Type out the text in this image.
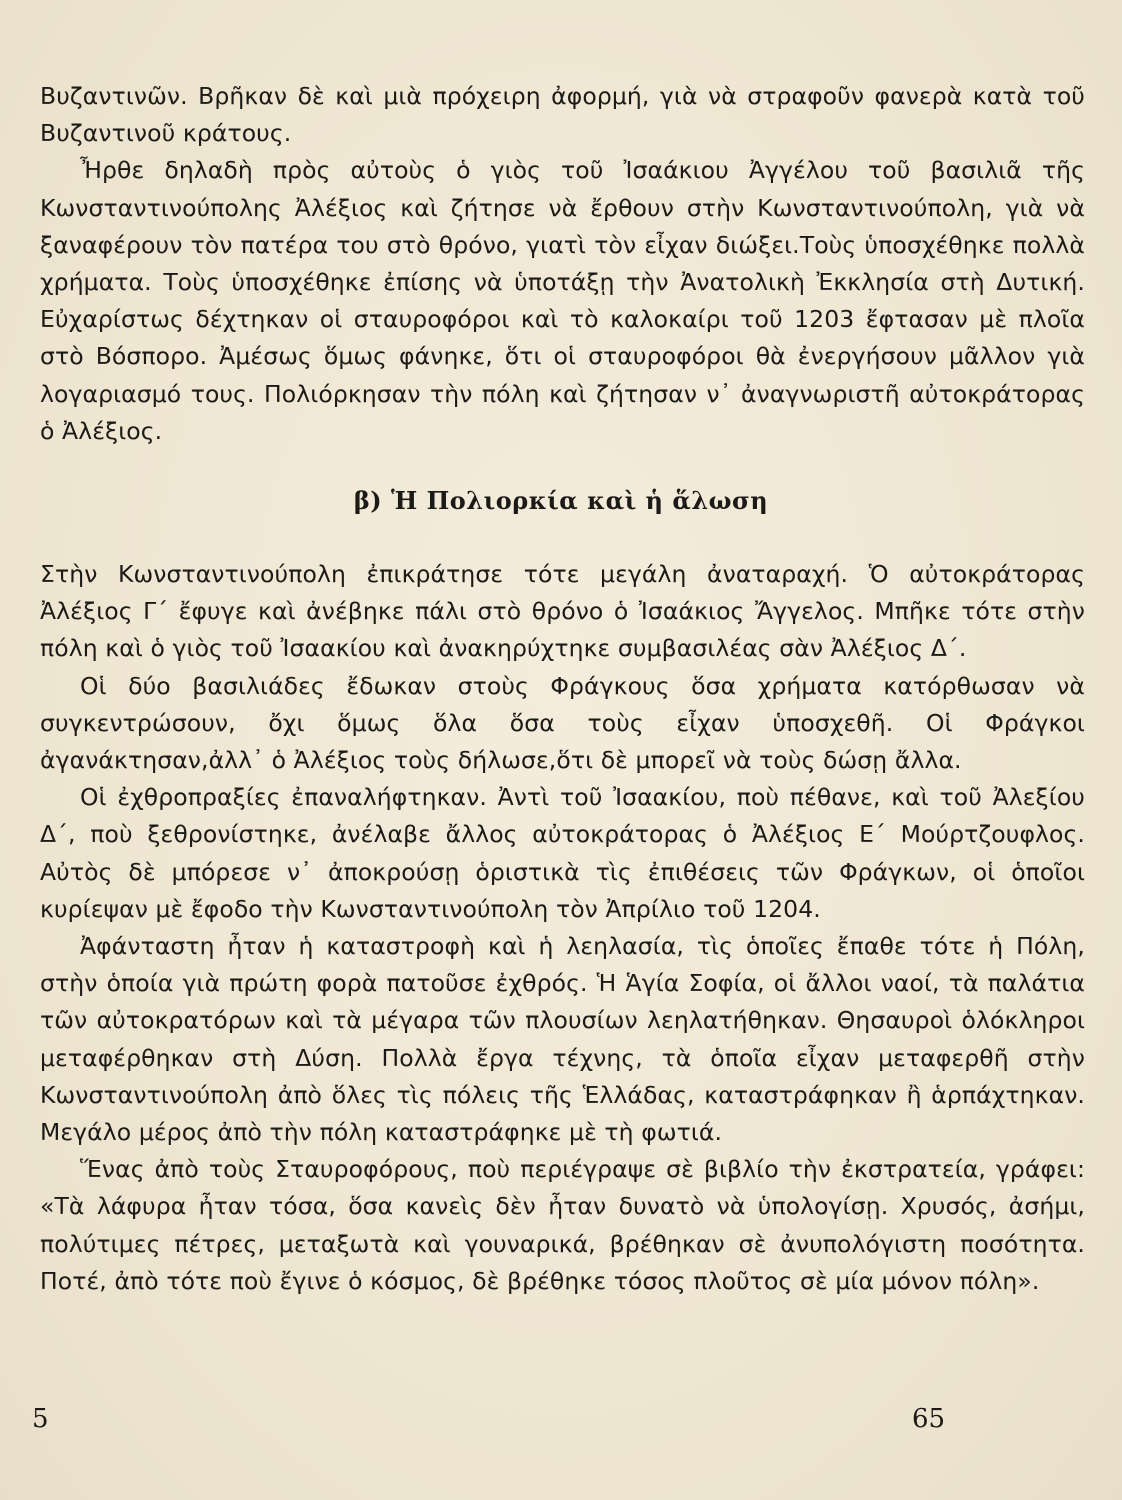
Βυζαντινῶν. Βρῆκαν δὲ καὶ μιὰ πρόχειρη ἀφορμή, γιὰ νὰ στραφοῦν φανερὰ κατὰ τοῦ Βυζαντινοῦ κράτους.

Ἦρθε δηλαδὴ πρὸς αὐτοὺς ὁ γιὸς τοῦ Ἰσαάκιου Ἀγγέλου τοῦ βασιλιᾶ τῆς Κωνσταντινούπολης Ἀλέξιος καὶ ζήτησε νὰ ἔρθουν στὴν Κωνσταντινούπολη, γιὰ νὰ ξαναφέρουν τὸν πατέρα του στὸ θρόνο, γιατὶ τὸν εἶχαν διώξει.Τοὺς ὑποσχέθηκε πολλὰ χρήματα. Τοὺς ὑποσχέθηκε ἐπίσης νὰ ὑποτάξῃ τὴν Ἀνατολικὴ Ἐκκλησία στὴ Δυτική. Εὐχαρίστως δέχτηκαν οἱ σταυροφόροι καὶ τὸ καλοκαίρι τοῦ 1203 ἔφτασαν μὲ πλοῖα στὸ Βόσπορο. Ἀμέσως ὅμως φάνηκε, ὅτι οἱ σταυροφόροι θὰ ἐνεργήσουν μᾶλλον γιὰ λογαριασμό τους. Πολιόρκησαν τὴν πόλη καὶ ζήτησαν ν᾽ ἀναγνωριστῆ αὐτοκράτορας ὁ Ἀλέξιος.

β) Ἡ Πολιορκία καὶ ἡ ἅλωση

Στὴν Κωνσταντινούπολη ἐπικράτησε τότε μεγάλη ἀναταραχή. Ὁ αὐτοκράτορας Ἀλέξιος Γ΄ ἔφυγε καὶ ἀνέβηκε πάλι στὸ θρόνο ὁ Ἰσαάκιος Ἄγγελος. Μπῆκε τότε στὴν πόλη καὶ ὁ γιὸς τοῦ Ἰσαακίου καὶ ἀνακηρύχτηκε συμβασιλέας σὰν Ἀλέξιος Δ΄.

Οἱ δύο βασιλιάδες ἔδωκαν στοὺς Φράγκους ὅσα χρήματα κατόρθωσαν νὰ συγκεντρώσουν, ὄχι ὅμως ὅλα ὅσα τοὺς εἶχαν ὑποσχεθῆ. Οἱ Φράγκοι ἀγανάκτησαν,ἀλλ᾽ ὁ Ἀλέξιος τοὺς δήλωσε,ὅτι δὲ μπορεῖ νὰ τοὺς δώσῃ ἄλλα.

Οἱ ἐχθροπραξίες ἐπαναλήφτηκαν. Ἀντὶ τοῦ Ἰσαακίου, ποὺ πέθανε, καὶ τοῦ Ἀλεξίου Δ΄, ποὺ ξεθρονίστηκε, ἀνέλαβε ἄλλος αὐτοκράτορας ὁ Ἀλέξιος Ε΄ Μούρτζουφλος. Αὐτὸς δὲ μπόρεσε ν᾽ ἀποκρούσῃ ὁριστικὰ τὶς ἐπιθέσεις τῶν Φράγκων, οἱ ὁποῖοι κυρίεψαν μὲ ἔφοδο τὴν Κωνσταντινούπολη τὸν Ἀπρίλιο τοῦ 1204.

Ἀφάνταστη ἦταν ἡ καταστροφὴ καὶ ἡ λεηλασία, τὶς ὁποῖες ἔπαθε τότε ἡ Πόλη, στὴν ὁποία γιὰ πρώτη φορὰ πατοῦσε ἐχθρός. Ἡ Ἁγία Σοφία, οἱ ἄλλοι ναοί, τὰ παλάτια τῶν αὐτοκρατόρων καὶ τὰ μέγαρα τῶν πλουσίων λεηλατήθηκαν. Θησαυροὶ ὁλόκληροι μεταφέρθηκαν στὴ Δύση. Πολλὰ ἔργα τέχνης, τὰ ὁποῖα εἶχαν μεταφερθῆ στὴν Κωνσταντινούπολη ἀπὸ ὅλες τὶς πόλεις τῆς Ἑλλάδας, καταστράφηκαν ἢ ἁρπάχτηκαν. Μεγάλο μέρος ἀπὸ τὴν πόλη καταστράφηκε μὲ τὴ φωτιά.

Ἕνας ἀπὸ τοὺς Σταυροφόρους, ποὺ περιέγραψε σὲ βιβλίο τὴν ἐκστρατεία, γράφει: «Τὰ λάφυρα ἦταν τόσα, ὅσα κανεὶς δὲν ἦταν δυνατὸ νὰ ὑπολογίσῃ. Χρυσός, ἀσήμι, πολύτιμες πέτρες, μεταξωτὰ καὶ γουναρικά, βρέθηκαν σὲ ἀνυπολόγιστη ποσότητα. Ποτέ, ἀπὸ τότε ποὺ ἔγινε ὁ κόσμος, δὲ βρέθηκε τόσος πλοῦτος σὲ μία μόνον πόλη».

5	65
